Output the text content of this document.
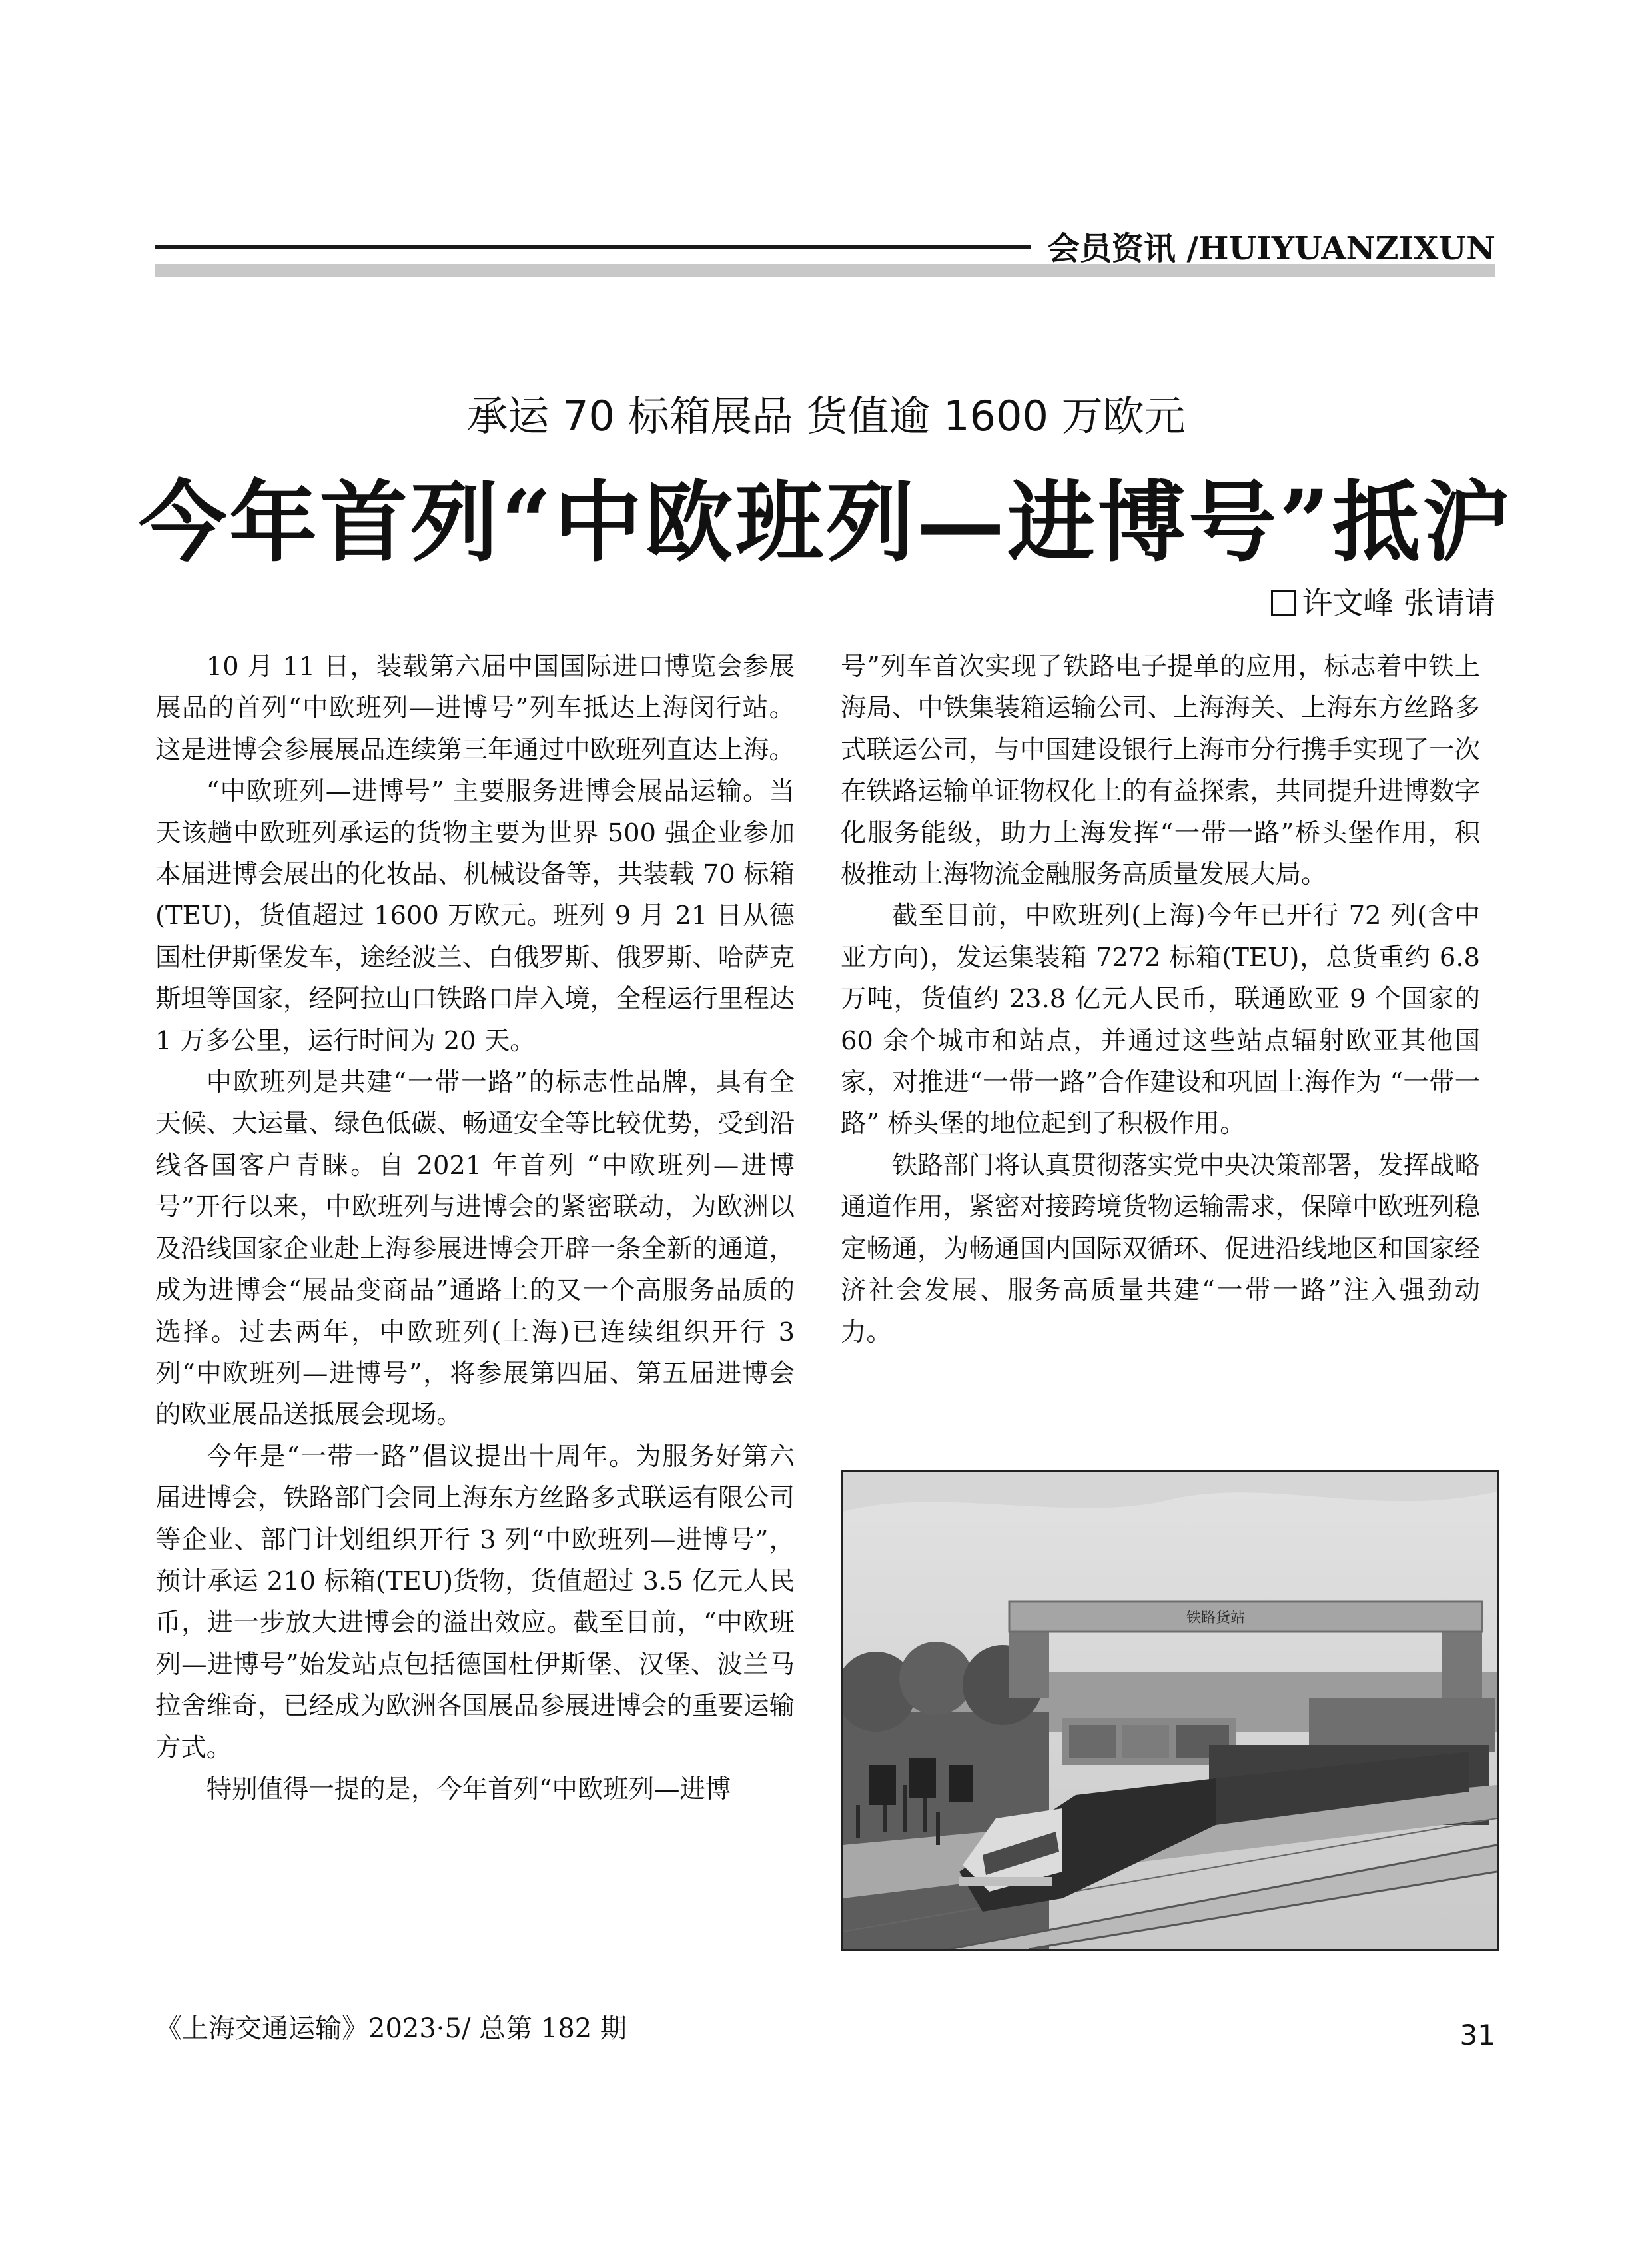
会员资讯 /HUIYUANZIXUN
承运 70 标箱展品 货值逾 1600 万欧元
今年首列“中欧班列—进博号”抵沪
许文峰 张请请

10 月 11 日，装载第六届中国国际进口博览会参展展品的首列“中欧班列—进博号”列车抵达上海闵行站。这是进博会参展展品连续第三年通过中欧班列直达上海。

“中欧班列—进博号” 主要服务进博会展品运输。当天该趟中欧班列承运的货物主要为世界 500 强企业参加本届进博会展出的化妆品、机械设备等，共装载 70 标箱(TEU)，货值超过 1600 万欧元。班列 9 月 21 日从德国杜伊斯堡发车，途经波兰、白俄罗斯、俄罗斯、哈萨克斯坦等国家，经阿拉山口铁路口岸入境，全程运行里程达 1 万多公里，运行时间为 20 天。

中欧班列是共建“一带一路”的标志性品牌，具有全天候、大运量、绿色低碳、畅通安全等比较优势，受到沿线各国客户青睐。自 2021 年首列 “中欧班列—进博号”开行以来，中欧班列与进博会的紧密联动，为欧洲以及沿线国家企业赴上海参展进博会开辟一条全新的通道，成为进博会“展品变商品”通路上的又一个高服务品质的选择。过去两年，中欧班列(上海)已连续组织开行 3 列“中欧班列—进博号”，将参展第四届、第五届进博会的欧亚展品送抵展会现场。

今年是“一带一路”倡议提出十周年。为服务好第六届进博会，铁路部门会同上海东方丝路多式联运有限公司等企业、部门计划组织开行 3 列“中欧班列—进博号”，预计承运 210 标箱(TEU)货物，货值超过 3.5 亿元人民币，进一步放大进博会的溢出效应。截至目前，“中欧班列—进博号”始发站点包括德国杜伊斯堡、汉堡、波兰马拉舍维奇，已经成为欧洲各国展品参展进博会的重要运输方式。

特别值得一提的是，今年首列“中欧班列—进博

号”列车首次实现了铁路电子提单的应用，标志着中铁上海局、中铁集装箱运输公司、上海海关、上海东方丝路多式联运公司，与中国建设银行上海市分行携手实现了一次在铁路运输单证物权化上的有益探索，共同提升进博数字化服务能级，助力上海发挥“一带一路”桥头堡作用，积极推动上海物流金融服务高质量发展大局。

截至目前，中欧班列(上海)今年已开行 72 列(含中亚方向)，发运集装箱 7272 标箱(TEU)，总货重约 6.8 万吨，货值约 23.8 亿元人民币，联通欧亚 9 个国家的 60 余个城市和站点，并通过这些站点辐射欧亚其他国家，对推进“一带一路”合作建设和巩固上海作为 “一带一路” 桥头堡的地位起到了积极作用。

铁路部门将认真贯彻落实党中央决策部署，发挥战略通道作用，紧密对接跨境货物运输需求，保障中欧班列稳定畅通，为畅通国内国际双循环、促进沿线地区和国家经济社会发展、服务高质量共建“一带一路”注入强劲动力。

铁路货站
《上海交通运输》2023·5/ 总第 182 期	31
